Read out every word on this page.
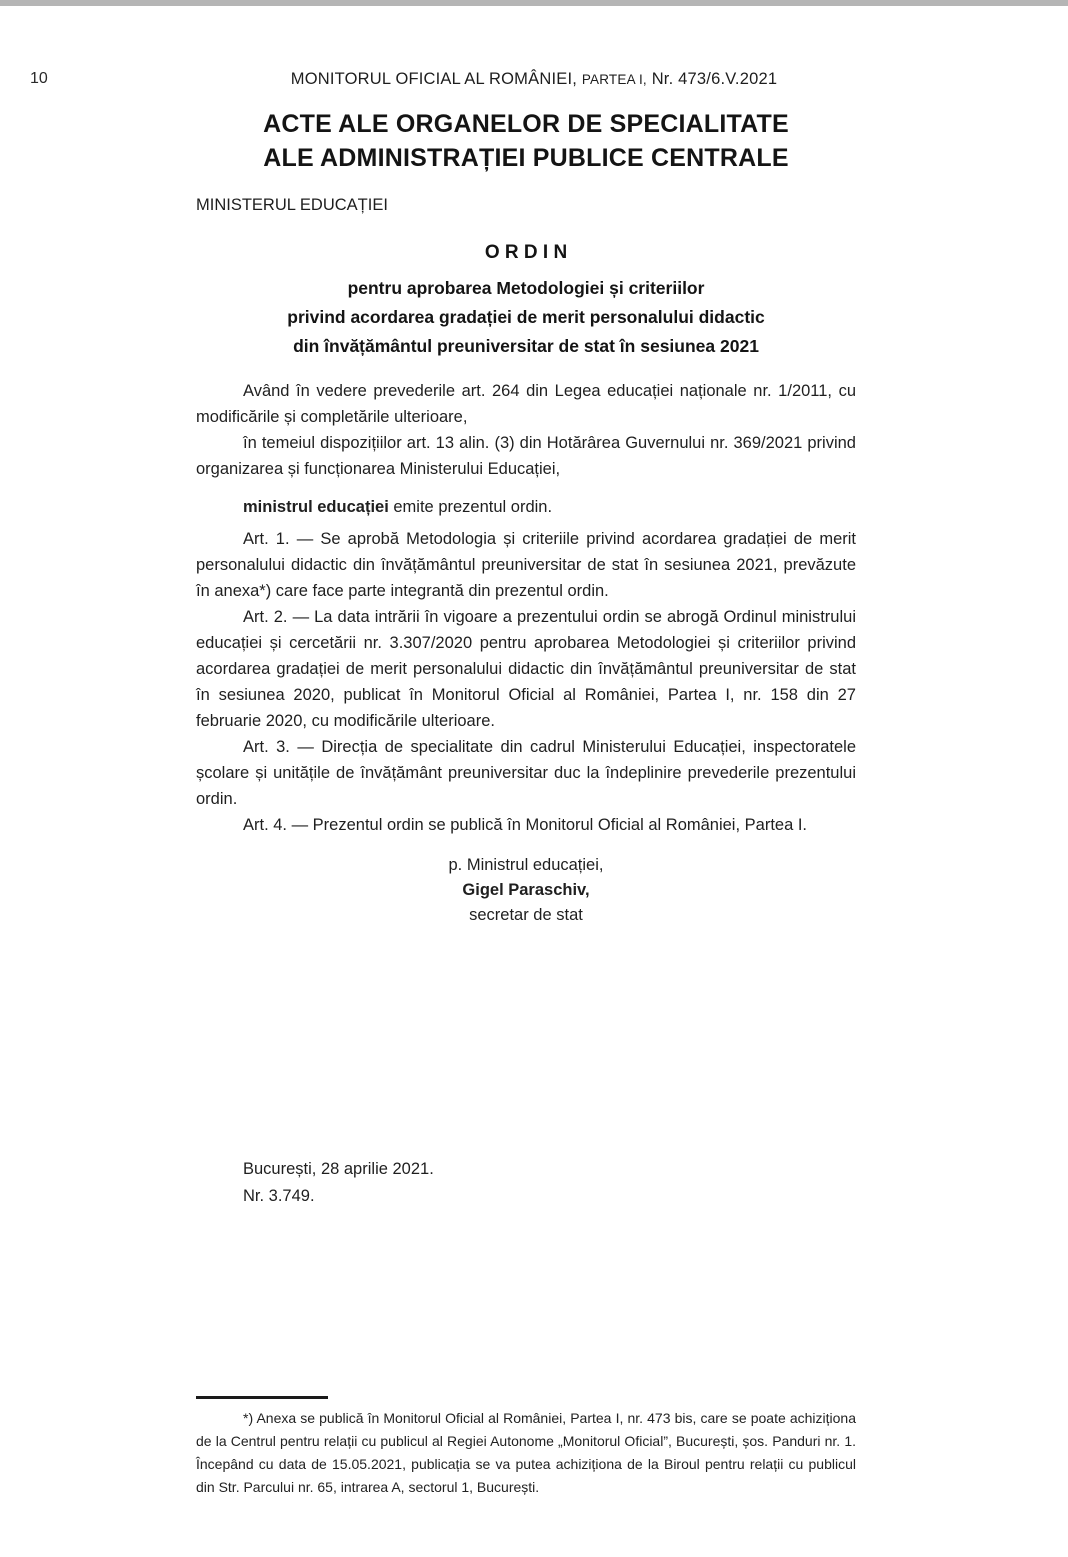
10	MONITORUL OFICIAL AL ROMÂNIEI, PARTEA I, Nr. 473/6.V.2021
ACTE ALE ORGANELOR DE SPECIALITATE
ALE ADMINISTRAȚIEI PUBLICE CENTRALE
MINISTERUL EDUCAȚIEI
O R D I N
pentru aprobarea Metodologiei și criteriilor
privind acordarea gradației de merit personalului didactic
din învățământul preuniversitar de stat în sesiunea 2021

Având în vedere prevederile art. 264 din Legea educației naționale nr. 1/2011, cu modificările și completările ulterioare,

în temeiul dispozițiilor art. 13 alin. (3) din Hotărârea Guvernului nr. 369/2021 privind organizarea și funcționarea Ministerului Educației,

ministrul educației emite prezentul ordin.

Art. 1. — Se aprobă Metodologia și criteriile privind acordarea gradației de merit personalului didactic din învățământul preuniversitar de stat în sesiunea 2021, prevăzute în anexa*) care face parte integrantă din prezentul ordin.

Art. 2. — La data intrării în vigoare a prezentului ordin se abrogă Ordinul ministrului educației și cercetării nr. 3.307/2020 pentru aprobarea Metodologiei și criteriilor privind acordarea gradației de merit personalului didactic din învățământul preuniversitar de stat în sesiunea 2020, publicat în Monitorul Oficial al României, Partea I, nr. 158 din 27 februarie 2020, cu modificările ulterioare.

Art. 3. — Direcția de specialitate din cadrul Ministerului Educației, inspectoratele școlare și unitățile de învățământ preuniversitar duc la îndeplinire prevederile prezentului ordin.

Art. 4. — Prezentul ordin se publică în Monitorul Oficial al României, Partea I.

p. Ministrul educației,
Gigel Paraschiv,
secretar de stat
București, 28 aprilie 2021.
Nr. 3.749.

*) Anexa se publică în Monitorul Oficial al României, Partea I, nr. 473 bis, care se poate achiziționa de la Centrul pentru relații cu publicul al Regiei Autonome „Monitorul Oficial”, București, șos. Panduri nr. 1. Începând cu data de 15.05.2021, publicația se va putea achiziționa de la Biroul pentru relații cu publicul din Str. Parcului nr. 65, intrarea A, sectorul 1, București.
